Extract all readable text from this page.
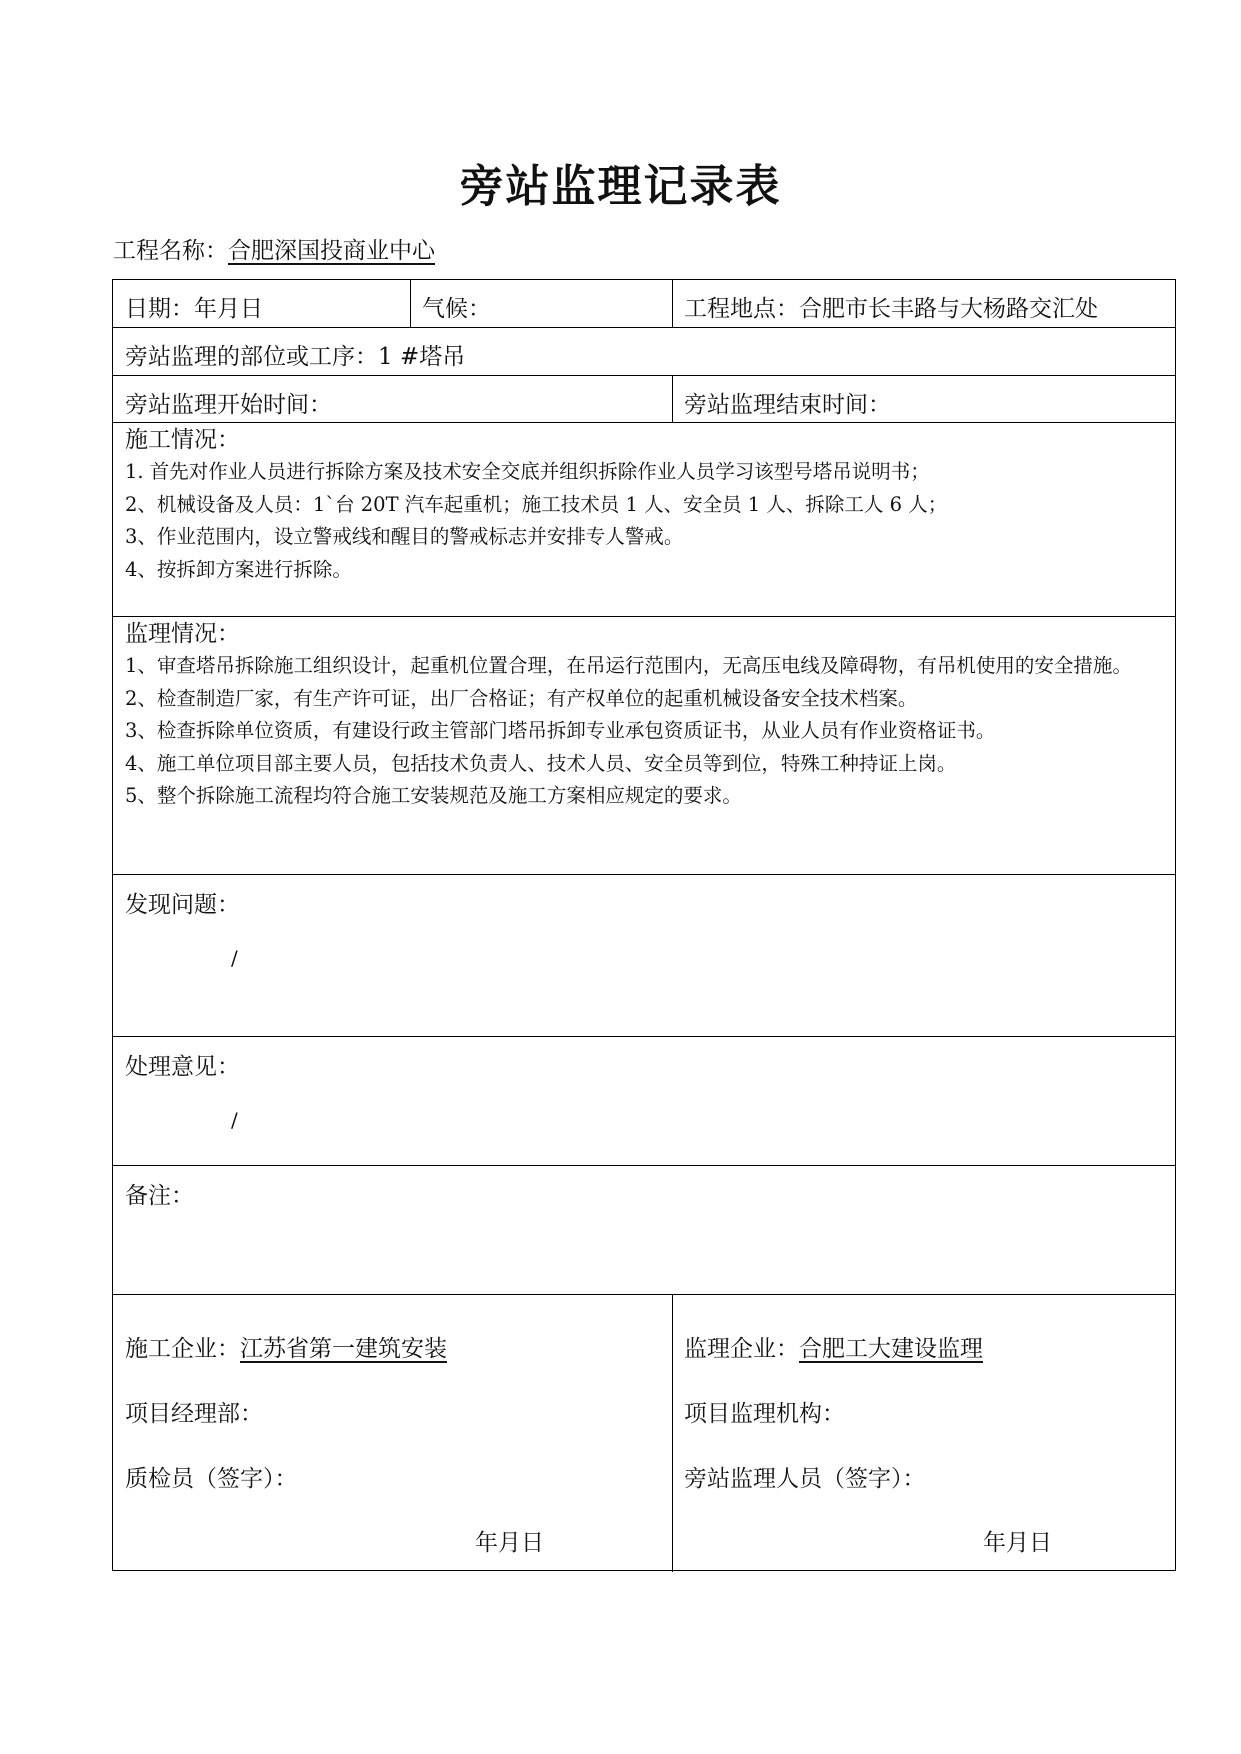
旁站监理记录表
工程名称：合肥深国投商业中心
日期：年月日	气候：	工程地点：合肥市长丰路与大杨路交汇处
旁站监理的部位或工序：1 #塔吊
旁站监理开始时间：	旁站监理结束时间：
施工情况：
1. 首先对作业人员进行拆除方案及技术安全交底并组织拆除作业人员学习该型号塔吊说明书；
2、机械设备及人员：1`台 20T 汽车起重机；施工技术员 1 人、安全员 1 人、拆除工人 6 人；
3、作业范围内，设立警戒线和醒目的警戒标志并安排专人警戒。
4、按拆卸方案进行拆除。
监理情况：
1、审查塔吊拆除施工组织设计，起重机位置合理，在吊运行范围内，无高压电线及障碍物，有吊机使用的安全措施。
2、检查制造厂家，有生产许可证，出厂合格证；有产权单位的起重机械设备安全技术档案。
3、检查拆除单位资质，有建设行政主管部门塔吊拆卸专业承包资质证书，从业人员有作业资格证书。
4、施工单位项目部主要人员，包括技术负责人、技术人员、安全员等到位，特殊工种持证上岗。
5、整个拆除施工流程均符合施工安装规范及施工方案相应规定的要求。
发现问题：
/
处理意见：
/
备注：
施工企业：江苏省第一建筑安装
项目经理部：
质检员（签字）：
年月日
监理企业：合肥工大建设监理
项目监理机构：
旁站监理人员（签字）：
年月日
